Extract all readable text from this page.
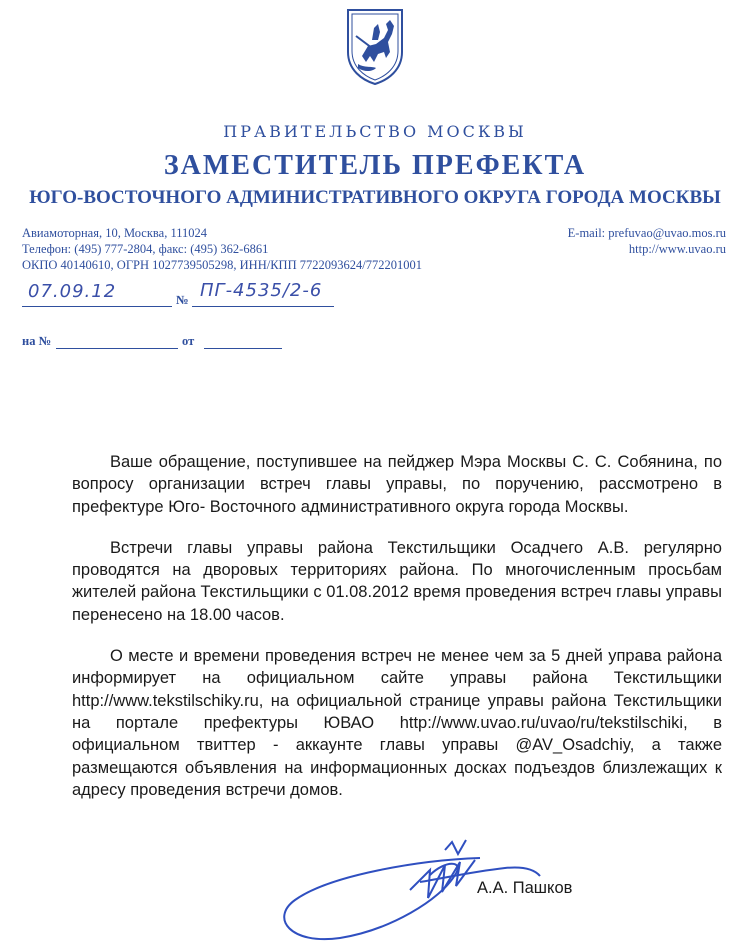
ПРАВИТЕЛЬСТВО МОСКВЫ
ЗАМЕСТИТЕЛЬ ПРЕФЕКТА
ЮГО-ВОСТОЧНОГО АДМИНИСТРАТИВНОГО ОКРУГА ГОРОДА МОСКВЫ
Авиамоторная, 10, Москва, 111024
Телефон: (495) 777-2804, факс: (495) 362-6861
ОКПО 40140610, ОГРН 1027739505298, ИНН/КПП 7722093624/772201001
E-mail: prefuvao@uvao.mos.ru
http://www.uvao.ru
07.09.12	№ ПГ-4535/2-6
на №	от

Ваше обращение, поступившее на пейджер Мэра Москвы С. С. Собянина, по вопросу организации встреч главы управы, по поручению, рассмотрено в префектуре Юго- Восточного административного округа города Москвы.

Встречи главы управы района Текстильщики Осадчего А.В. регулярно проводятся на дворовых территориях района. По многочисленным просьбам жителей района Текстильщики с 01.08.2012 время проведения встреч главы управы перенесено на 18.00 часов.

О месте и времени проведения встреч не менее чем за 5 дней управа района информирует на официальном сайте управы района Текстильщики http://www.tekstilschiky.ru, на официальной странице управы района Текстильщики на портале префектуры ЮВАО http://www.uvao.ru/uvao/ru/tekstilschiki, в официальном твиттер - аккаунте главы управы @AV_Osadchiy, а также размещаются объявления на информационных досках подъездов близлежащих к адресу проведения встречи домов.

А.А. Пашков
